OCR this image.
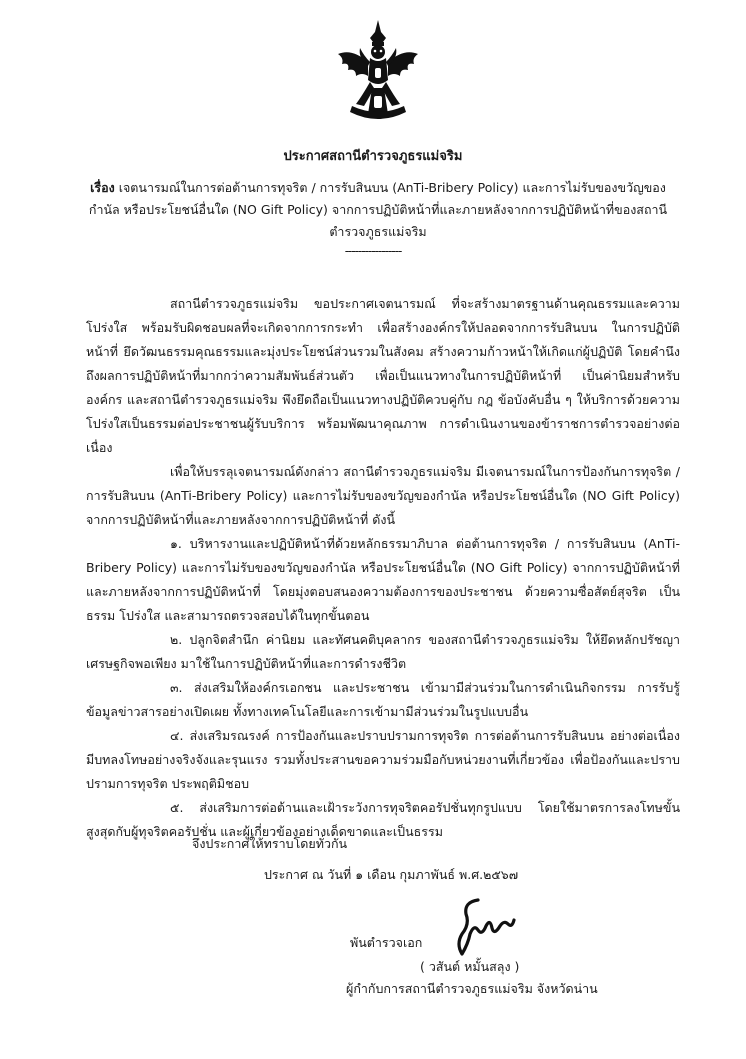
ประกาศสถานีตำรวจภูธรแม่จริม
เรื่อง เจตนารมณ์ในการต่อต้านการทุจริต / การรับสินบน (AnTi-Bribery Policy) และการไม่รับของขวัญของกำนัล หรือประโยชน์อื่นใด (NO Gift Policy) จากการปฏิบัติหน้าที่และภายหลังจากการปฏิบัติหน้าที่ของสถานีตำรวจภูธรแม่จริม
-----------------

สถานีตำรวจภูธรแม่จริม ขอประกาศเจตนารมณ์ ที่จะสร้างมาตรฐานด้านคุณธรรมและความโปร่งใส พร้อมรับผิดชอบผลที่จะเกิดจากการกระทำ เพื่อสร้างองค์กรให้ปลอดจากการรับสินบน ในการปฏิบัติหน้าที่ ยึดวัฒนธรรมคุณธรรมและมุ่งประโยชน์ส่วนรวมในสังคม สร้างความก้าวหน้าให้เกิดแก่ผู้ปฏิบัติ โดยคำนึงถึงผลการปฏิบัติหน้าที่มากกว่าความสัมพันธ์ส่วนตัว เพื่อเป็นแนวทางในการปฏิบัติหน้าที่ เป็นค่านิยมสำหรับองค์กร และสถานีตำรวจภูธรแม่จริม พึงยึดถือเป็นแนวทางปฏิบัติควบคู่กับ กฎ ข้อบังคับอื่น ๆ ให้บริการด้วยความโปร่งใสเป็นธรรมต่อประชาชนผู้รับบริการ พร้อมพัฒนาคุณภาพ การดำเนินงานของข้าราชการตำรวจอย่างต่อเนื่อง

เพื่อให้บรรลุเจตนารมณ์ดังกล่าว สถานีตำรวจภูธรแม่จริม มีเจตนารมณ์ในการป้องกันการทุจริต / การรับสินบน (AnTi-Bribery Policy) และการไม่รับของขวัญของกำนัล หรือประโยชน์อื่นใด (NO Gift Policy) จากการปฏิบัติหน้าที่และภายหลังจากการปฏิบัติหน้าที่ ดังนี้

๑. บริหารงานและปฏิบัติหน้าที่ด้วยหลักธรรมาภิบาล ต่อต้านการทุจริต / การรับสินบน (AnTi-Bribery Policy) และการไม่รับของขวัญของกำนัล หรือประโยชน์อื่นใด (NO Gift Policy) จากการปฏิบัติหน้าที่และภายหลังจากการปฏิบัติหน้าที่ โดยมุ่งตอบสนองความต้องการของประชาชน ด้วยความซื่อสัตย์สุจริต เป็นธรรม โปร่งใส และสามารถตรวจสอบได้ในทุกขั้นตอน

๒. ปลูกจิตสำนึก ค่านิยม และทัศนคติบุคลากร ของสถานีตำรวจภูธรแม่จริม ให้ยึดหลักปรัชญาเศรษฐกิจพอเพียง มาใช้ในการปฏิบัติหน้าที่และการดำรงชีวิต

๓. ส่งเสริมให้องค์กรเอกชน และประชาชน เข้ามามีส่วนร่วมในการดำเนินกิจกรรม การรับรู้ข้อมูลข่าวสารอย่างเปิดเผย ทั้งทางเทคโนโลยีและการเข้ามามีส่วนร่วมในรูปแบบอื่น

๔. ส่งเสริมรณรงค์ การป้องกันและปราบปรามการทุจริต การต่อต้านการรับสินบน อย่างต่อเนื่อง มีบทลงโทษอย่างจริงจังและรุนแรง รวมทั้งประสานขอความร่วมมือกับหน่วยงานที่เกี่ยวข้อง เพื่อป้องกันและปราบปรามการทุจริต ประพฤติมิชอบ

๕. ส่งเสริมการต่อต้านและเฝ้าระวังการทุจริตคอรัปชั่นทุกรูปแบบ โดยใช้มาตรการลงโทษขั้นสูงสุดกับผู้ทุจริตคอรัปชั่น และผู้เกี่ยวข้องอย่างเด็ดขาดและเป็นธรรม

จึงประกาศให้ทราบโดยทั่วกัน
ประกาศ ณ วันที่ ๑ เดือน กุมภาพันธ์ พ.ศ.๒๕๖๗
พันตำรวจเอก
( วสันต์ หมั้นสลุง )
ผู้กำกับการสถานีตำรวจภูธรแม่จริม จังหวัดน่าน
